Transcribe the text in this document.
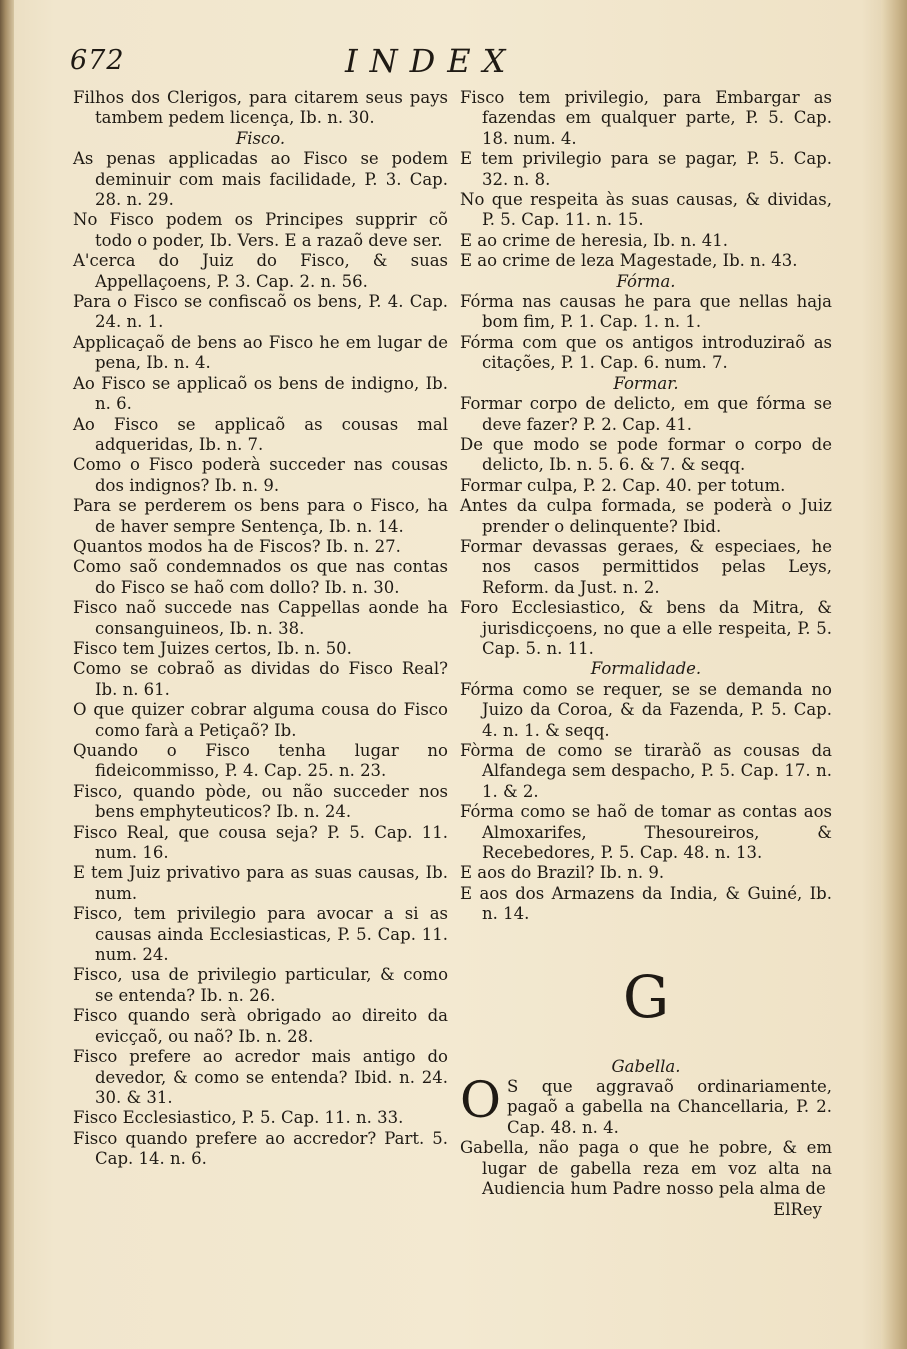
672	INDEX

Filhos dos Clerigos, para citarem seus pays tambem pedem licença, Ib. n. 30.

Fisco.

As penas applicadas ao Fisco se podem deminuir com mais facilidade, P. 3. Cap. 28. n. 29.

No Fisco podem os Principes supprir cõ todo o poder, Ib. Vers. E a razaõ deve ser.

A'cerca do Juiz do Fisco, & suas Appellaçoens, P. 3. Cap. 2. n. 56.

Para o Fisco se confiscaõ os bens, P. 4. Cap. 24. n. 1.

Applicaçaõ de bens ao Fisco he em lugar de pena, Ib. n. 4.

Ao Fisco se applicaõ os bens de indigno, Ib. n. 6.

Ao Fisco se applicaõ as cousas mal adqueridas, Ib. n. 7.

Como o Fisco poderà succeder nas cousas dos indignos? Ib. n. 9.

Para se perderem os bens para o Fisco, ha de haver sempre Sentença, Ib. n. 14.

Quantos modos ha de Fiscos? Ib. n. 27.

Como saõ condemnados os que nas contas do Fisco se haõ com dollo? Ib. n. 30.

Fisco naõ succede nas Cappellas aonde ha consanguineos, Ib. n. 38.

Fisco tem Juizes certos, Ib. n. 50.

Como se cobraõ as dividas do Fisco Real? Ib. n. 61.

O que quizer cobrar alguma cousa do Fisco como farà a Petiçaõ? Ib.

Quando o Fisco tenha lugar no fideicommisso, P. 4. Cap. 25. n. 23.

Fisco, quando pòde, ou não succeder nos bens emphyteuticos? Ib. n. 24.

Fisco Real, que cousa seja? P. 5. Cap. 11. num. 16.

E tem Juiz privativo para as suas causas, Ib. num.

Fisco, tem privilegio para avocar a si as causas ainda Ecclesiasticas, P. 5. Cap. 11. num. 24.

Fisco, usa de privilegio particular, & como se entenda? Ib. n. 26.

Fisco quando serà obrigado ao direito da evicçaõ, ou naõ? Ib. n. 28.

Fisco prefere ao acredor mais antigo do devedor, & como se entenda? Ibid. n. 24. 30. & 31.

Fisco Ecclesiastico, P. 5. Cap. 11. n. 33.

Fisco quando prefere ao accredor? Part. 5. Cap. 14. n. 6.

Fisco tem privilegio, para Embargar as fazendas em qualquer parte, P. 5. Cap. 18. num. 4.

E tem privilegio para se pagar, P. 5. Cap. 32. n. 8.

No que respeita às suas causas, & dividas, P. 5. Cap. 11. n. 15.

E ao crime de heresia, Ib. n. 41.

E ao crime de leza Magestade, Ib. n. 43.

Fórma.

Fórma nas causas he para que nellas haja bom fim, P. 1. Cap. 1. n. 1.

Fórma com que os antigos introduziraõ as citações, P. 1. Cap. 6. num. 7.

Formar.

Formar corpo de delicto, em que fórma se deve fazer? P. 2. Cap. 41.

De que modo se pode formar o corpo de delicto, Ib. n. 5. 6. & 7. & seqq.

Formar culpa, P. 2. Cap. 40. per totum.

Antes da culpa formada, se poderà o Juiz prender o delinquente? Ibid.

Formar devassas geraes, & especiaes, he nos casos permittidos pelas Leys, Reform. da Just. n. 2.

Foro Ecclesiastico, & bens da Mitra, & jurisdicçoens, no que a elle respeita, P. 5. Cap. 5. n. 11.

Formalidade.

Fórma como se requer, se se demanda no Juizo da Coroa, & da Fazenda, P. 5. Cap. 4. n. 1. & seqq.

Fòrma de como se tiraràõ as cousas da Alfandega sem despacho, P. 5. Cap. 17. n. 1. & 2.

Fórma como se haõ de tomar as contas aos Almoxarifes, Thesoureiros, & Recebedores, P. 5. Cap. 48. n. 13.

E aos do Brazil? Ib. n. 9.

E aos dos Armazens da India, & Guiné, Ib. n. 14.

G

Gabella.

O S que aggravaõ ordinariamente, pagaõ a gabella na Chancellaria, P. 2. Cap. 48. n. 4.

Gabella, não paga o que he pobre, & em lugar de gabella reza em voz alta na Audiencia hum Padre nosso pela alma de

ElRey
